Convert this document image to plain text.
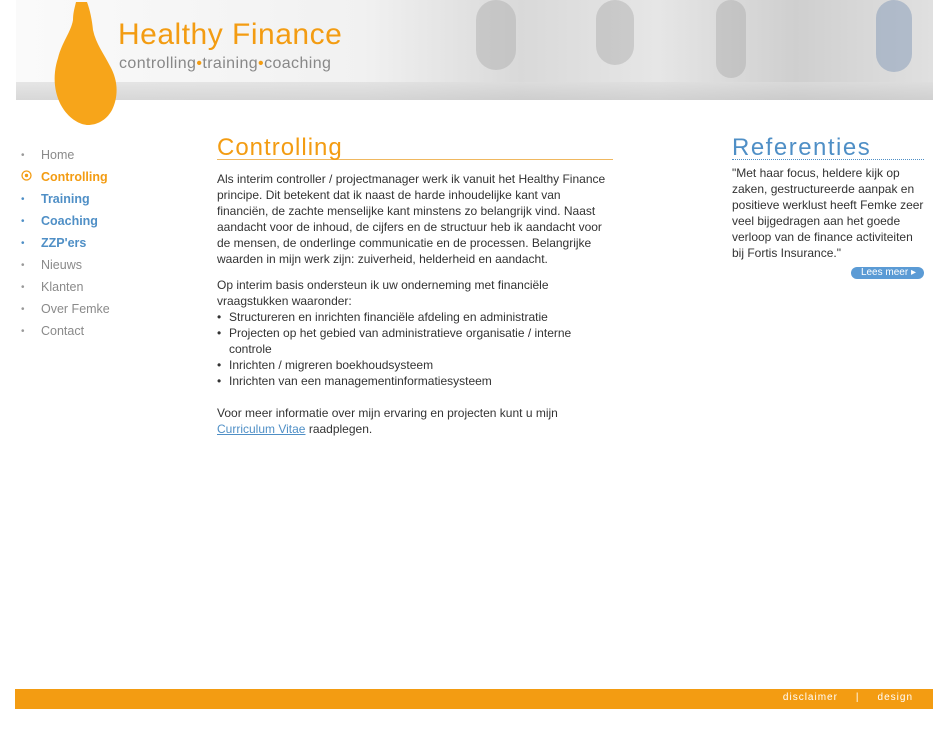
Healthy Finance
controlling•training•coaching
•	Home
Controlling
•	Training
•	Coaching
•	ZZP'ers
•	Nieuws
•	Klanten
•	Over Femke
•	Contact
Controlling

Als interim controller / projectmanager werk ik vanuit het Healthy Finance principe. Dit betekent dat ik naast de harde inhoudelijke kant van financiën, de zachte menselijke kant minstens zo belangrijk vind. Naast aandacht voor de inhoud, de cijfers en de structuur heb ik aandacht voor de mensen, de onderlinge communicatie en de processen. Belangrijke waarden in mijn werk zijn: zuiverheid, helderheid en aandacht.

Op interim basis ondersteun ik uw onderneming met financiële vraagstukken waaronder:

• Structureren en inrichten financiële afdeling en administratie
• Projecten op het gebied van administratieve organisatie / interne controle
• Inrichten / migreren boekhoudsysteem
• Inrichten van een managementinformatiesysteem

Voor meer informatie over mijn ervaring en projecten kunt u mijn
Curriculum Vitae raadplegen.

Referenties
"Met haar focus, heldere kijk op zaken, gestructureerde aanpak en positieve werklust heeft Femke zeer veel bijgedragen aan het goede verloop van de finance activiteiten bij Fortis Insurance."
Lees meer ▸
disclaimer | design
